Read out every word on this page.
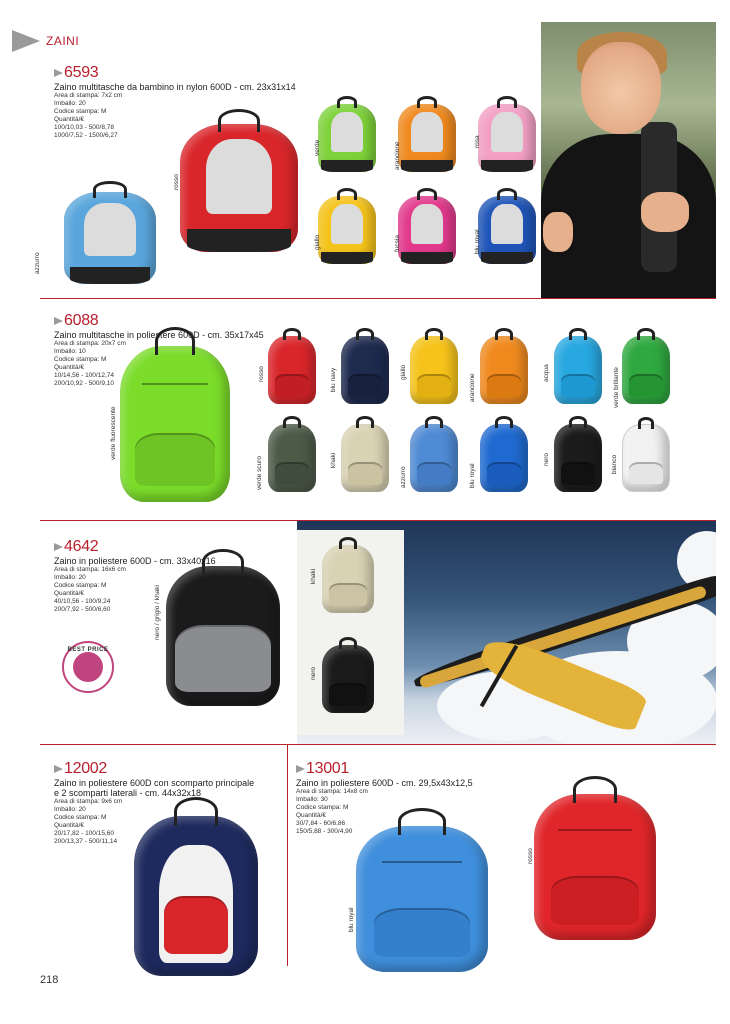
ZAINI
6593
Zaino multitasche da bambino in nylon 600D - cm. 23x31x14
Area di stampa: 7x2 cm
Imballo: 20
Codice stampa: M
Quantità/€
100/10,03 - 500/8,78
1000/7,52 - 1500/6,27
azzurro
rosso
verde	arancione	rosa
giallo	fucsia	blu royal
6088
Zaino multitasche in poliestere 600D - cm. 35x17x45
Area di stampa: 20x7 cm
Imballo: 10
Codice stampa: M
Quantità/€
10/14,56 - 100/12,74
200/10,92 - 500/9,10
verde fluorescente
rosso	blu navy	giallo
arancione
acqua	verde brillante
verde scuro	khaki
azzurro	blu royal
nero	bianco
4642
Zaino in poliestere 600D - cm. 33x40x16
Area di stampa: 16x6 cm
Imballo: 20
Codice stampa: M
Quantità/€
40/10,56 - 100/9,24
200/7,92 - 500/6,60
BEST PRICE
nero / grigio / khaki
khaki
nero
12002
Zaino in poliestere 600D con scomparto principale
e 2 scomparti laterali - cm. 44x32x18
Area di stampa: 9x6 cm
Imballo: 20
Codice stampa: M
Quantità/€
20/17,82 - 100/15,60
200/13,37 - 500/11,14
13001
Zaino in poliestere 600D - cm. 29,5x43x12,5
Area di stampa: 14x8 cm
Imballo: 30
Codice stampa: M
Quantità/€
30/7,84 - 60/6,86
150/5,88 - 300/4,90
blu royal
rosso
218
